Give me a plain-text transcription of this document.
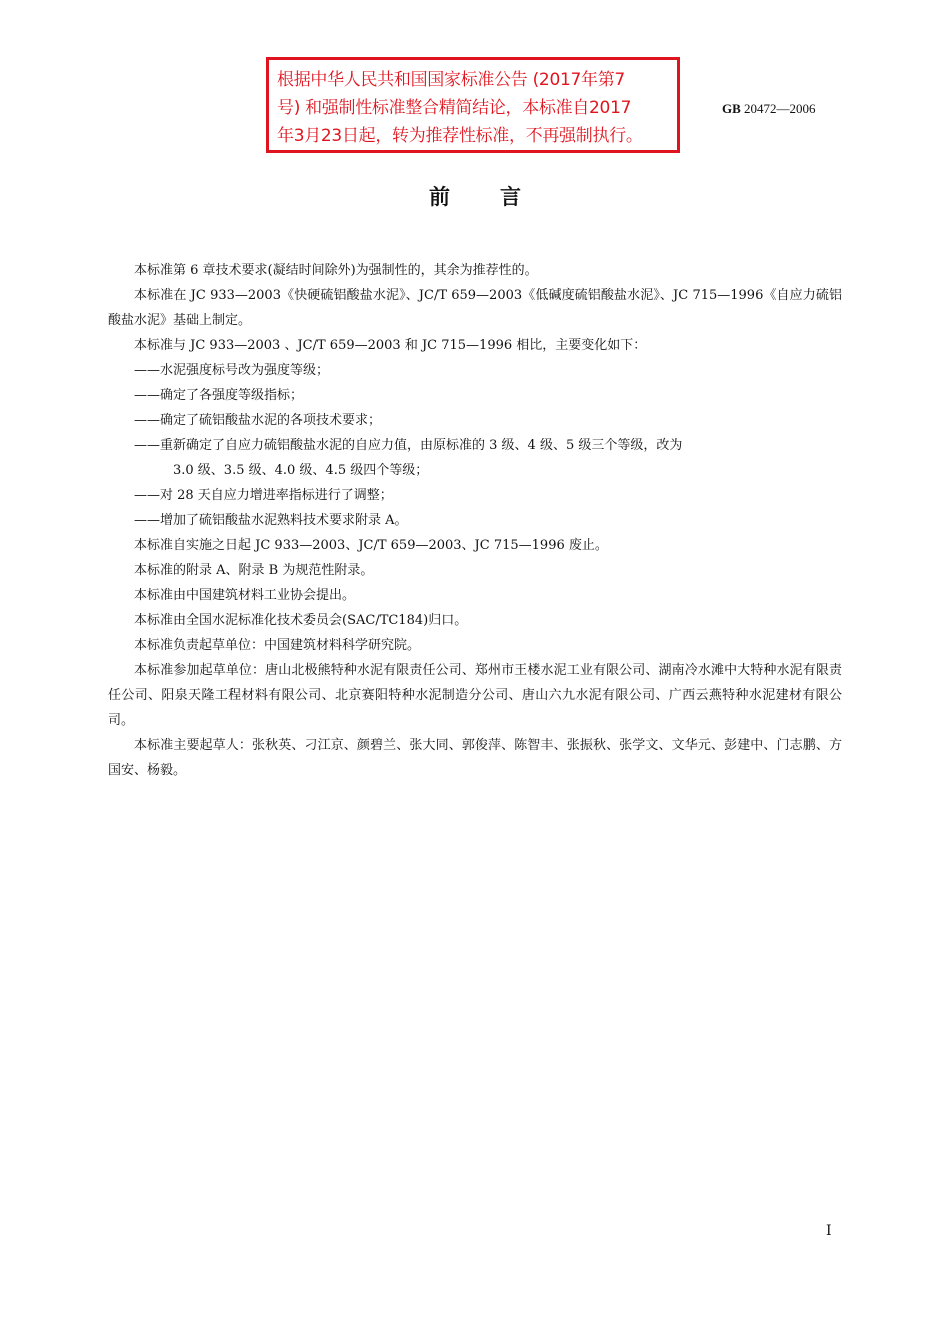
根据中华人民共和国国家标准公告 (2017年第7
号) 和强制性标准整合精简结论，本标准自2017
年3月23日起，转为推荐性标准，不再强制执行。
GB 20472—2006
前言
本标准第 6 章技术要求(凝结时间除外)为强制性的，其余为推荐性的。
本标准在 JC 933—2003《快硬硫铝酸盐水泥》、JC/T 659—2003《低碱度硫铝酸盐水泥》、JC 715—1996《自应力硫铝酸盐水泥》基础上制定。
本标准与 JC 933—2003 、JC/T 659—2003 和 JC 715—1996 相比，主要变化如下：
——水泥强度标号改为强度等级；
——确定了各强度等级指标；
——确定了硫铝酸盐水泥的各项技术要求；
——重新确定了自应力硫铝酸盐水泥的自应力值，由原标准的 3 级、4 级、5 级三个等级，改为
3.0 级、3.5 级、4.0 级、4.5 级四个等级；
——对 28 天自应力增进率指标进行了调整；
——增加了硫铝酸盐水泥熟料技术要求附录 A。
本标准自实施之日起 JC 933—2003、JC/T 659—2003、JC 715—1996 废止。
本标准的附录 A、附录 B 为规范性附录。
本标准由中国建筑材料工业协会提出。
本标准由全国水泥标准化技术委员会(SAC/TC184)归口。
本标准负责起草单位：中国建筑材料科学研究院。
本标准参加起草单位：唐山北极熊特种水泥有限责任公司、郑州市王楼水泥工业有限公司、湖南冷水滩中大特种水泥有限责任公司、阳泉天隆工程材料有限公司、北京赛阳特种水泥制造分公司、唐山六九水泥有限公司、广西云燕特种水泥建材有限公司。
本标准主要起草人：张秋英、刁江京、颜碧兰、张大同、郭俊萍、陈智丰、张振秋、张学文、文华元、彭建中、门志鹏、方国安、杨毅。
I
